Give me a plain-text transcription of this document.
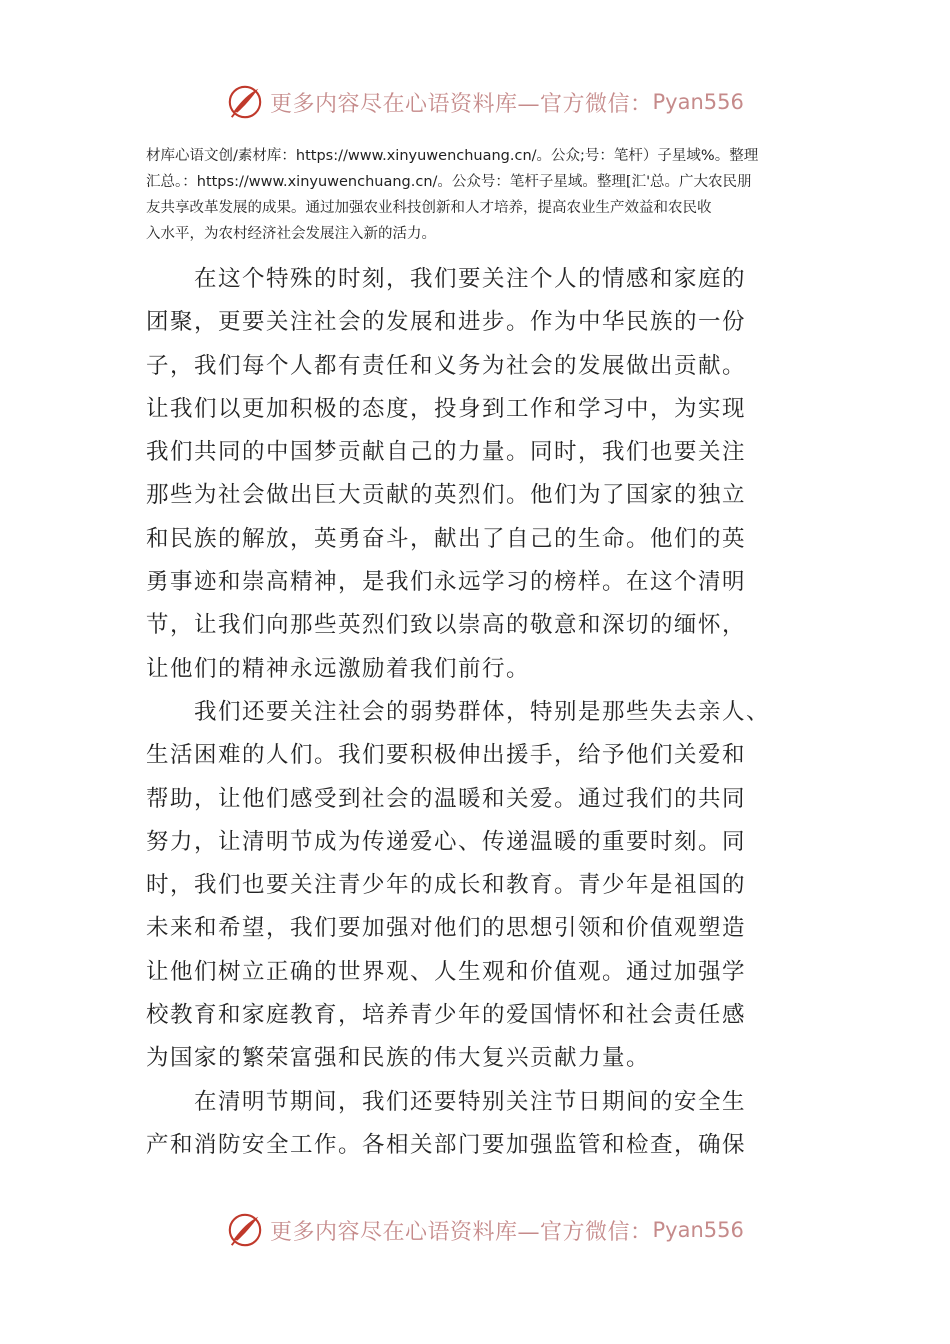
更多内容尽在心语资料库—官方微信： Pyan556
材库心语文创/素材库：https://www.xinyuwenchuang.cn/。公众;号：笔杆）子星域%。整理
汇总。：https://www.xinyuwenchuang.cn/。公众号：笔杆子星域。整理[汇'总。广大农民朋
友共享改革发展的成果。通过加强农业科技创新和人才培养，提高农业生产效益和农民收
入水平，为农村经济社会发展注入新的活力。
　　在这个特殊的时刻，我们要关注个人的情感和家庭的
团聚，更要关注社会的发展和进步。作为中华民族的一份
子，我们每个人都有责任和义务为社会的发展做出贡献。
让我们以更加积极的态度，投身到工作和学习中，为实现
我们共同的中国梦贡献自己的力量。同时，我们也要关注
那些为社会做出巨大贡献的英烈们。他们为了国家的独立
和民族的解放，英勇奋斗，献出了自己的生命。他们的英
勇事迹和崇高精神，是我们永远学习的榜样。在这个清明
节，让我们向那些英烈们致以崇高的敬意和深切的缅怀，
让他们的精神永远激励着我们前行。
　　我们还要关注社会的弱势群体，特别是那些失去亲人、
生活困难的人们。我们要积极伸出援手，给予他们关爱和
帮助，让他们感受到社会的温暖和关爱。通过我们的共同
努力，让清明节成为传递爱心、传递温暖的重要时刻。同
时，我们也要关注青少年的成长和教育。青少年是祖国的
未来和希望，我们要加强对他们的思想引领和价值观塑造
让他们树立正确的世界观、人生观和价值观。通过加强学
校教育和家庭教育，培养青少年的爱国情怀和社会责任感
为国家的繁荣富强和民族的伟大复兴贡献力量。
　　在清明节期间，我们还要特别关注节日期间的安全生
产和消防安全工作。各相关部门要加强监管和检查，确保
更多内容尽在心语资料库—官方微信： Pyan556
